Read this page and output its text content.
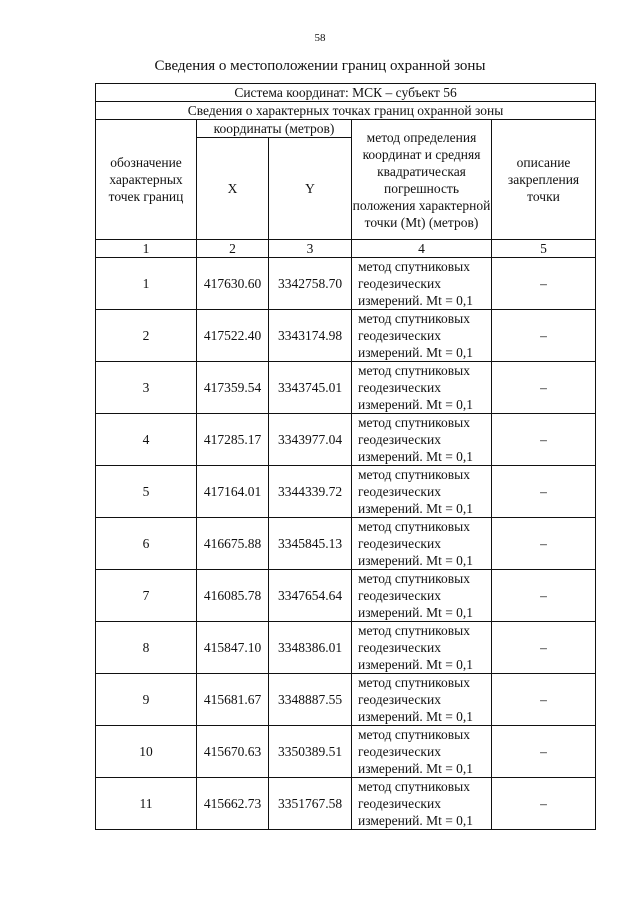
58
Сведения о местоположении границ охранной зоны
Система координат: МСК – субъект 56				
Сведения о характерных точках границ охранной зоны				
обозначение характерных точек границ	координаты (метров)		метод определения координат и средняя квадратическая погрешность положения характерной точки (Mt) (метров)	описание закрепления точки
	X	Y		
1	2	3	4	5
1	417630.60	3342758.70	метод спутниковых геодезических измерений. Mt = 0,1	–
2	417522.40	3343174.98	метод спутниковых геодезических измерений. Mt = 0,1	–
3	417359.54	3343745.01	метод спутниковых геодезических измерений. Mt = 0,1	–
4	417285.17	3343977.04	метод спутниковых геодезических измерений. Mt = 0,1	–
5	417164.01	3344339.72	метод спутниковых геодезических измерений. Mt = 0,1	–
6	416675.88	3345845.13	метод спутниковых геодезических измерений. Mt = 0,1	–
7	416085.78	3347654.64	метод спутниковых геодезических измерений. Mt = 0,1	–
8	415847.10	3348386.01	метод спутниковых геодезических измерений. Mt = 0,1	–
9	415681.67	3348887.55	метод спутниковых геодезических измерений. Mt = 0,1	–
10	415670.63	3350389.51	метод спутниковых геодезических измерений. Mt = 0,1	–
11	415662.73	3351767.58	метод спутниковых геодезических измерений. Mt = 0,1	–
